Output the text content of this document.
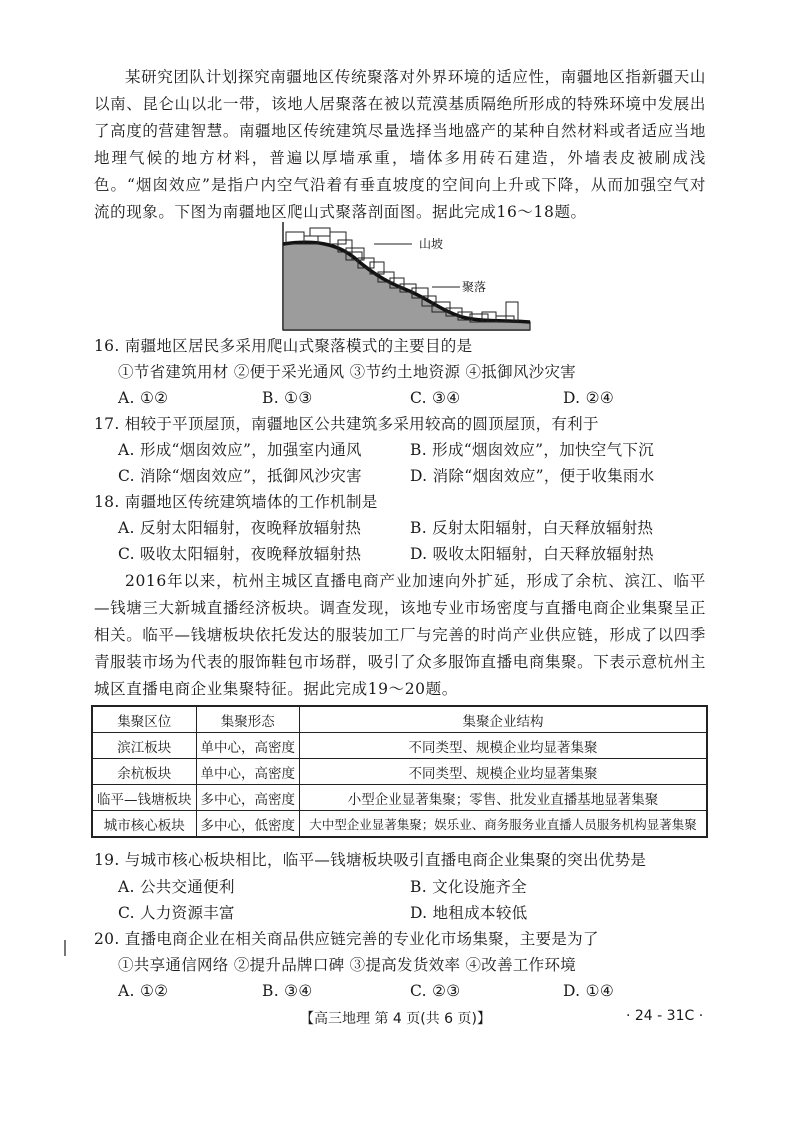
某研究团队计划探究南疆地区传统聚落对外界环境的适应性，南疆地区指新疆天山以南、昆仑山以北一带，该地人居聚落在被以荒漠基质隔绝所形成的特殊环境中发展出了高度的营建智慧。南疆地区传统建筑尽量选择当地盛产的某种自然材料或者适应当地地理气候的地方材料，普遍以厚墙承重，墙体多用砖石建造，外墙表皮被刷成浅色。“烟囱效应”是指户内空气沿着有垂直坡度的空间向上升或下降，从而加强空气对流的现象。下图为南疆地区爬山式聚落剖面图。据此完成16～18题。
山坡
聚落
16. 南疆地区居民多采用爬山式聚落模式的主要目的是
①节省建筑用材 ②便于采光通风 ③节约土地资源 ④抵御风沙灾害
A. ①②	B. ①③	C. ③④	D. ②④
17. 相较于平顶屋顶，南疆地区公共建筑多采用较高的圆顶屋顶，有利于
A. 形成“烟囱效应”，加强室内通风	B. 形成“烟囱效应”，加快空气下沉
C. 消除“烟囱效应”，抵御风沙灾害	D. 消除“烟囱效应”，便于收集雨水
18. 南疆地区传统建筑墙体的工作机制是
A. 反射太阳辐射，夜晚释放辐射热	B. 反射太阳辐射，白天释放辐射热
C. 吸收太阳辐射，夜晚释放辐射热	D. 吸收太阳辐射，白天释放辐射热
2016年以来，杭州主城区直播电商产业加速向外扩延，形成了余杭、滨江、临平—钱塘三大新城直播经济板块。调查发现，该地专业市场密度与直播电商企业集聚呈正相关。临平—钱塘板块依托发达的服装加工厂与完善的时尚产业供应链，形成了以四季青服装市场为代表的服饰鞋包市场群，吸引了众多服饰直播电商集聚。下表示意杭州主城区直播电商企业集聚特征。据此完成19～20题。
集聚区位	集聚形态	集聚企业结构
滨江板块	单中心，高密度	不同类型、规模企业均显著集聚
余杭板块	单中心，高密度	不同类型、规模企业均显著集聚
临平—钱塘板块	多中心，高密度	小型企业显著集聚；零售、批发业直播基地显著集聚
城市核心板块	多中心，低密度	大中型企业显著集聚；娱乐业、商务服务业直播人员服务机构显著集聚
19. 与城市核心板块相比，临平—钱塘板块吸引直播电商企业集聚的突出优势是
A. 公共交通便利	B. 文化设施齐全
C. 人力资源丰富	D. 地租成本较低
20. 直播电商企业在相关商品供应链完善的专业化市场集聚，主要是为了
①共享通信网络 ②提升品牌口碑 ③提高发货效率 ④改善工作环境
A. ①②	B. ③④	C. ②③	D. ①④
【高三地理 第 4 页(共 6 页)】	· 24 - 31C ·
